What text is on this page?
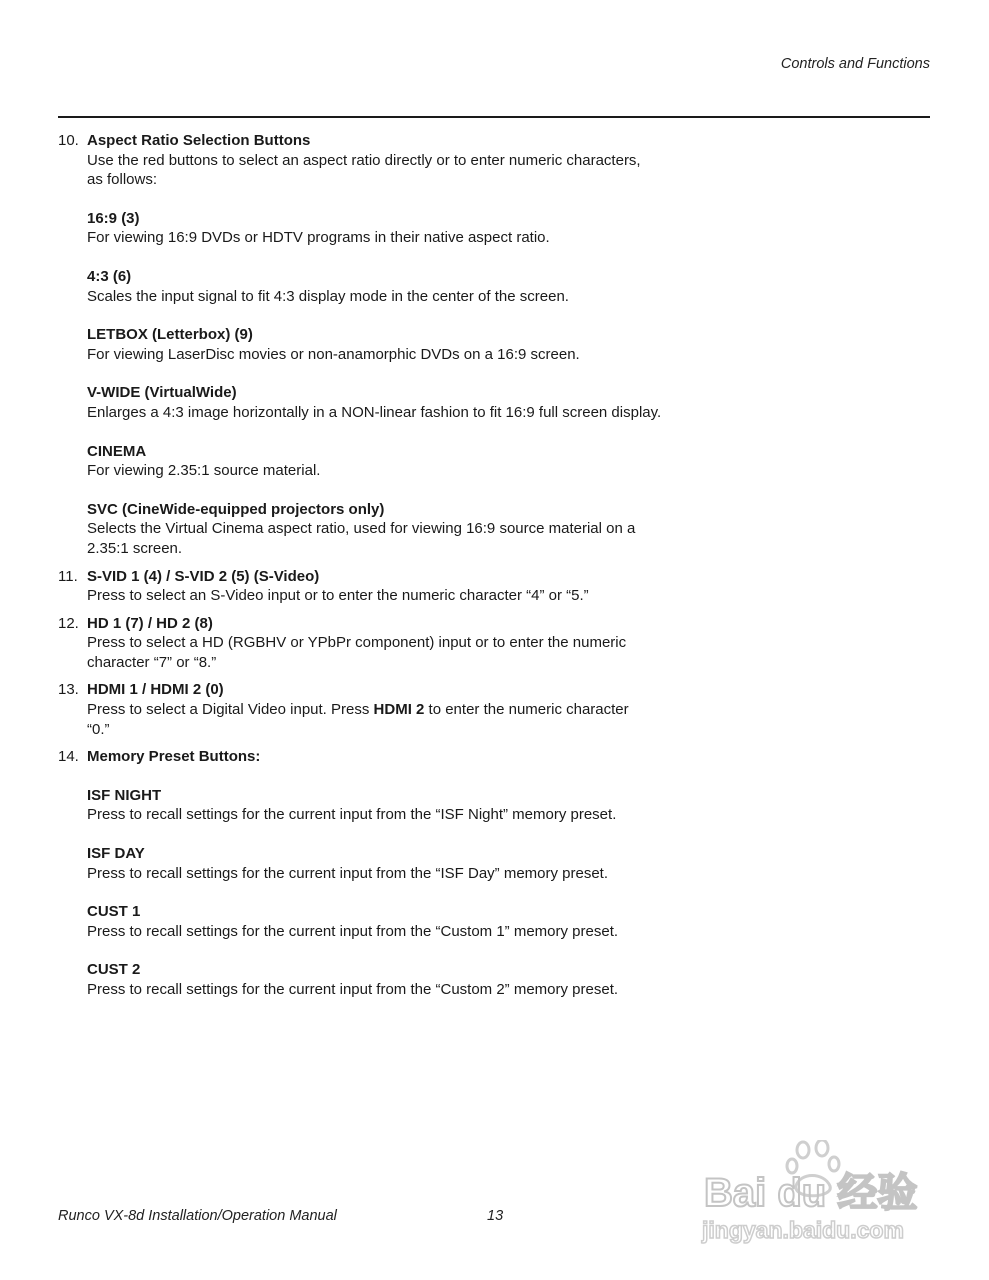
Controls and Functions
10. Aspect Ratio Selection Buttons
Use the red buttons to select an aspect ratio directly or to enter numeric characters,
as follows:
16:9 (3)
For viewing 16:9 DVDs or HDTV programs in their native aspect ratio.
4:3 (6)
Scales the input signal to fit 4:3 display mode in the center of the screen.
LETBOX (Letterbox) (9)
For viewing LaserDisc movies or non-anamorphic DVDs on a 16:9 screen.
V-WIDE (VirtualWide)
Enlarges a 4:3 image horizontally in a NON-linear fashion to fit 16:9 full screen display.
CINEMA
For viewing 2.35:1 source material.
SVC (CineWide-equipped projectors only)
Selects the Virtual Cinema aspect ratio, used for viewing 16:9 source material on a
2.35:1 screen.
11. S-VID 1 (4) / S-VID 2 (5) (S-Video)
Press to select an S-Video input or to enter the numeric character “4” or “5.”
12. HD 1 (7) / HD 2 (8)
Press to select a HD (RGBHV or YPbPr component) input or to enter the numeric
character “7” or “8.”
13. HDMI 1 / HDMI 2 (0)
Press to select a Digital Video input. Press HDMI 2 to enter the numeric character
“0.”
14. Memory Preset Buttons:
ISF NIGHT
Press to recall settings for the current input from the “ISF Night” memory preset.
ISF DAY
Press to recall settings for the current input from the “ISF Day” memory preset.
CUST 1
Press to recall settings for the current input from the “Custom 1” memory preset.
CUST 2
Press to recall settings for the current input from the “Custom 2” memory preset.
Runco VX-8d Installation/Operation Manual	13
Bai du 经验
jingyan.baidu.com
